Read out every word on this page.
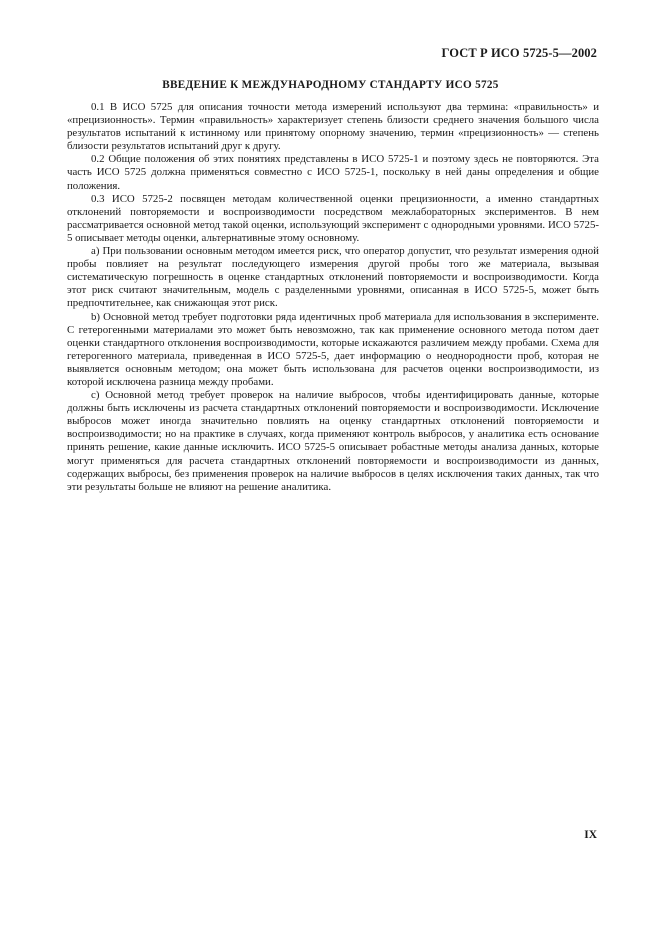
ГОСТ Р ИСО 5725-5—2002
ВВЕДЕНИЕ К МЕЖДУНАРОДНОМУ СТАНДАРТУ ИСО 5725

0.1 В ИСО 5725 для описания точности метода измерений используют два термина: «правильность» и «прецизионность». Термин «правильность» характеризует степень близости среднего значения большого числа результатов испытаний к истинному или принятому опорному значению, термин «прецизионность» — степень близости результатов испытаний друг к другу.

0.2 Общие положения об этих понятиях представлены в ИСО 5725-1 и поэтому здесь не повторяются. Эта часть ИСО 5725 должна применяться совместно с ИСО 5725-1, поскольку в ней даны определения и общие положения.

0.3 ИСО 5725-2 посвящен методам количественной оценки прецизионности, а именно стандартных отклонений повторяемости и воспроизводимости посредством межлабораторных экспериментов. В нем рассматривается основной метод такой оценки, использующий эксперимент с однородными уровнями. ИСО 5725-5 описывает методы оценки, альтернативные этому основному.

а) При пользовании основным методом имеется риск, что оператор допустит, что результат измерения одной пробы повлияет на результат последующего измерения другой пробы того же материала, вызывая систематическую погрешность в оценке стандартных отклонений повторяемости и воспроизводимости. Когда этот риск считают значительным, модель с разделенными уровнями, описанная в ИСО 5725-5, может быть предпочтительнее, как снижающая этот риск.

b) Основной метод требует подготовки ряда идентичных проб материала для использования в эксперименте. С гетерогенными материалами это может быть невозможно, так как применение основного метода потом дает оценки стандартного отклонения воспроизводимости, которые искажаются различием между пробами. Схема для гетерогенного материала, приведенная в ИСО 5725-5, дает информацию о неоднородности проб, которая не выявляется основным методом; она может быть использована для расчетов оценки воспроизводимости, из которой исключена разница между пробами.

с) Основной метод требует проверок на наличие выбросов, чтобы идентифицировать данные, которые должны быть исключены из расчета стандартных отклонений повторяемости и воспроизводимости. Исключение выбросов может иногда значительно повлиять на оценку стандартных отклонений повторяемости и воспроизводимости; но на практике в случаях, когда применяют контроль выбросов, у аналитика есть основание принять решение, какие данные исключить. ИСО 5725-5 описывает робастные методы анализа данных, которые могут применяться для расчета стандартных отклонений повторяемости и воспроизводимости из данных, содержащих выбросы, без применения проверок на наличие выбросов в целях исключения таких данных, так что эти результаты больше не влияют на решение аналитика.

IX
